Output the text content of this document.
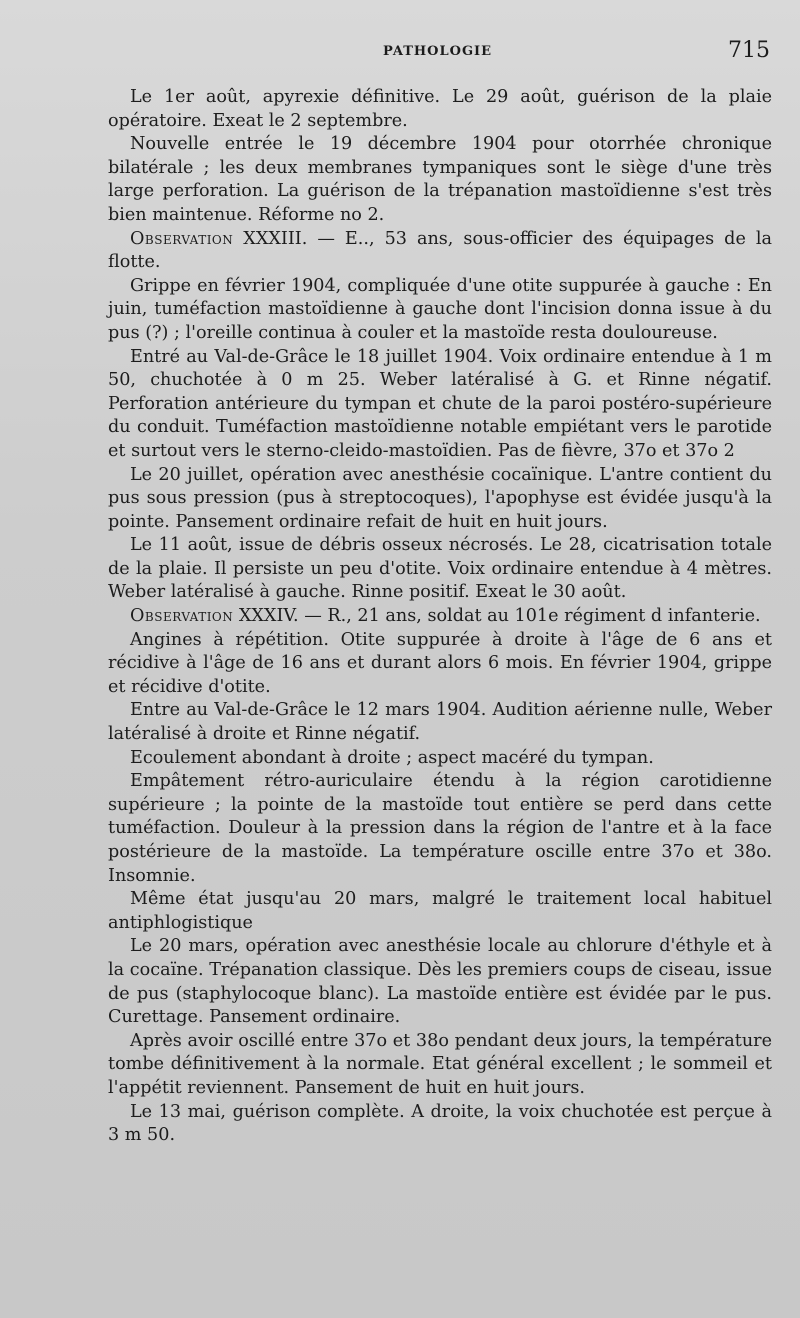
PATHOLOGIE	715

Le 1er août, apyrexie définitive. Le 29 août, guérison de la plaie opératoire. Exeat le 2 septembre.

Nouvelle entrée le 19 décembre 1904 pour otorrhée chronique bilatérale ; les deux membranes tympaniques sont le siège d'une très large perforation. La guérison de la trépanation mastoïdienne s'est très bien maintenue. Réforme no 2.

Observation XXXIII. — E.., 53 ans, sous-officier des équipages de la flotte.

Grippe en février 1904, compliquée d'une otite suppurée à gauche : En juin, tuméfaction mastoïdienne à gauche dont l'incision donna issue à du pus (?) ; l'oreille continua à couler et la mastoïde resta douloureuse.

Entré au Val-de-Grâce le 18 juillet 1904. Voix ordinaire entendue à 1 m 50, chuchotée à 0 m 25. Weber latéralisé à G. et Rinne négatif. Perforation antérieure du tympan et chute de la paroi postéro-supérieure du conduit. Tuméfaction mastoïdienne notable empiétant vers le parotide et surtout vers le sterno-cleido-mastoïdien. Pas de fièvre, 37o et 37o 2

Le 20 juillet, opération avec anesthésie cocaïnique. L'antre contient du pus sous pression (pus à streptocoques), l'apophyse est évidée jusqu'à la pointe. Pansement ordinaire refait de huit en huit jours.

Le 11 août, issue de débris osseux nécrosés. Le 28, cicatrisation totale de la plaie. Il persiste un peu d'otite. Voix ordinaire entendue à 4 mètres. Weber latéralisé à gauche. Rinne positif. Exeat le 30 août.

Observation XXXIV. — R., 21 ans, soldat au 101e régiment d infanterie.

Angines à répétition. Otite suppurée à droite à l'âge de 6 ans et récidive à l'âge de 16 ans et durant alors 6 mois. En février 1904, grippe et récidive d'otite.

Entre au Val-de-Grâce le 12 mars 1904. Audition aérienne nulle, Weber latéralisé à droite et Rinne négatif.

Ecoulement abondant à droite ; aspect macéré du tympan.

Empâtement rétro-auriculaire étendu à la région carotidienne supérieure ; la pointe de la mastoïde tout entière se perd dans cette tuméfaction. Douleur à la pression dans la région de l'antre et à la face postérieure de la mastoïde. La température oscille entre 37o et 38o. Insomnie.

Même état jusqu'au 20 mars, malgré le traitement local habituel antiphlogistique

Le 20 mars, opération avec anesthésie locale au chlorure d'éthyle et à la cocaïne. Trépanation classique. Dès les premiers coups de ciseau, issue de pus (staphylocoque blanc). La mastoïde entière est évidée par le pus. Curettage. Pansement ordinaire.

Après avoir oscillé entre 37o et 38o pendant deux jours, la température tombe définitivement à la normale. Etat général excellent ; le sommeil et l'appétit reviennent. Pansement de huit en huit jours.

Le 13 mai, guérison complète. A droite, la voix chuchotée est perçue à 3 m 50.
